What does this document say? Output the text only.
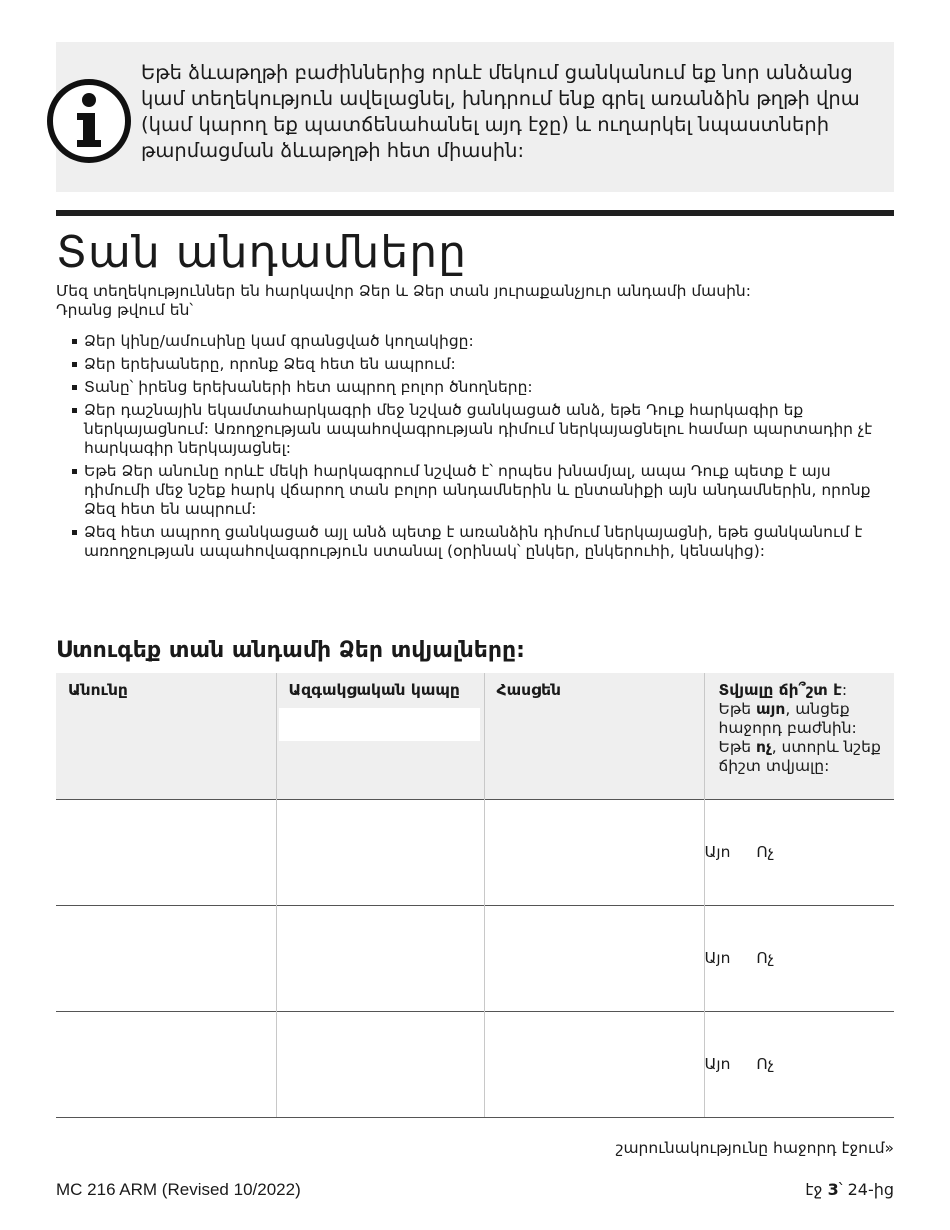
Եթե ձևաթղթի բաժիններից որևէ մեկում ցանկանում եք նոր անձանց կամ տեղեկություն ավելացնել, խնդրում ենք գրել առանձին թղթի վրա (կամ կարող եք պատճենահանել այդ էջը) և ուղարկել նպաստների թարմացման ձևաթղթի հետ միասին:
Տան անդամները

Մեզ տեղեկություններ են հարկավոր Ձեր և Ձեր տան յուրաքանչյուր անդամի մասին:

Դրանց թվում են՝

Ձեր կինը/ամուսինը կամ գրանցված կողակիցը:
Ձեր երեխաները, որոնք Ձեզ հետ են ապրում:
Տանը՝ իրենց երեխաների հետ ապրող բոլոր ծնողները:
Ձեր դաշնային եկամտահարկագրի մեջ նշված ցանկացած անձ, եթե Դուք հարկագիր եք ներկայացնում: Առողջության ապահովագրության դիմում ներկայացնելու համար պարտադիր չէ հարկագիր ներկայացնել:
Եթե Ձեր անունը որևէ մեկի հարկագրում նշված է՝ որպես խնամյալ, ապա Դուք պետք է այս դիմումի մեջ նշեք հարկ վճարող տան բոլոր անդամներին և ընտանիքի այն անդամներին, որոնք Ձեզ հետ են ապրում:
Ձեզ հետ ապրող ցանկացած այլ անձ պետք է առանձին դիմում ներկայացնի, եթե ցանկանում է առողջության ապահովագրություն ստանալ (օրինակ՝ ընկեր, ընկերուհի, կենակից):
Ստուգեք տան անդամի Ձեր տվյալները:
Անունը	Ազգակցական կապը	Հասցեն	Տվյալը ճի՞շտ է: Եթե այո, անցեք հաջորդ բաժնին: Եթե ոչ, ստորև նշեք ճիշտ տվյալը:
			Այո Ոչ
			Այո Ոչ
			Այո Ոչ
շարունակությունը հաջորդ էջում»
MC 216 ARM (Revised 10/2022)	էջ 3՝ 24-ից
